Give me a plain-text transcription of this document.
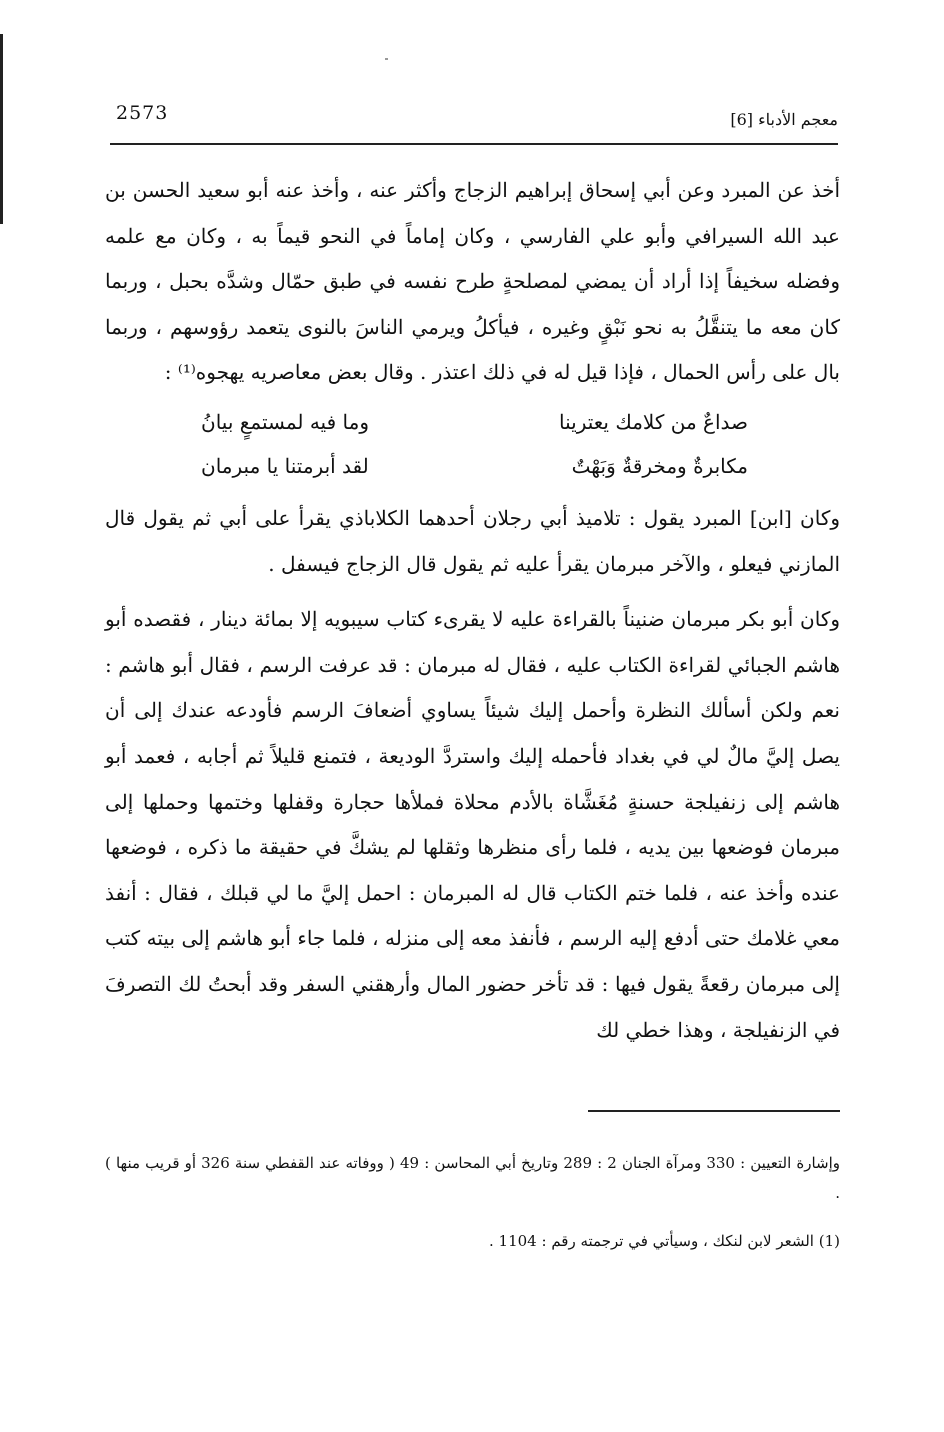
2573	معجم الأدباء [6]

أخذ عن المبرد وعن أبي إسحاق إبراهيم الزجاج وأكثر عنه ، وأخذ عنه أبو سعيد الحسن بن عبد الله السيرافي وأبو علي الفارسي ، وكان إماماً في النحو قيماً به ، وكان مع علمه وفضله سخيفاً إذا أراد أن يمضي لمصلحةٍ طرح نفسه في طبق حمّال وشدَّه بحبل ، وربما كان معه ما يتنقَّلُ به نحو نَبْقٍ وغيره ، فيأكلُ ويرمي الناسَ بالنوى يتعمد رؤوسهم ، وربما بال على رأس الحمال ، فإذا قيل له في ذلك اعتذر . وقال بعض معاصريه يهجوه⁽¹⁾ :

صداعٌ من كلامك يعترينا
وما فيه لمستمعٍ بيانُ
مكابرةٌ ومخرقةٌ وَبَهْتٌ
لقد أبرمتنا يا مبرمان

وكان [ابن] المبرد يقول : تلاميذ أبي رجلان أحدهما الكلاباذي يقرأ على أبي ثم يقول قال المازني فيعلو ، والآخر مبرمان يقرأ عليه ثم يقول قال الزجاج فيسفل .

وكان أبو بكر مبرمان ضنيناً بالقراءة عليه لا يقرىء كتاب سيبويه إلا بمائة دينار ، فقصده أبو هاشم الجبائي لقراءة الكتاب عليه ، فقال له مبرمان : قد عرفت الرسم ، فقال أبو هاشم : نعم ولكن أسألك النظرة وأحمل إليك شيئاً يساوي أضعافَ الرسم فأودعه عندك إلى أن يصل إليَّ مالٌ لي في بغداد فأحمله إليك واستردَّ الوديعة ، فتمنع قليلاً ثم أجابه ، فعمد أبو هاشم إلى زنفيلجة حسنةٍ مُغَشَّاة بالأدم محلاة فملأها حجارة وقفلها وختمها وحملها إلى مبرمان فوضعها بين يديه ، فلما رأى منظرها وثقلها لم يشكَّ في حقيقة ما ذكره ، فوضعها عنده وأخذ عنه ، فلما ختم الكتاب قال له المبرمان : احمل إليَّ ما لي قبلك ، فقال : أنفذ معي غلامك حتى أدفع إليه الرسم ، فأنفذ معه إلى منزله ، فلما جاء أبو هاشم إلى بيته كتب إلى مبرمان رقعةً يقول فيها : قد تأخر حضور المال وأرهقني السفر وقد أبحتُ لك التصرفَ في الزنفيلجة ، وهذا خطي لك

وإشارة التعيين : 330 ومرآة الجنان 2 : 289 وتاريخ أبي المحاسن : 49 ( ووفاته عند القفطي سنة 326 أو قريب منها ) .

(1) الشعر لابن لنكك ، وسيأتي في ترجمته رقم : 1104 .
